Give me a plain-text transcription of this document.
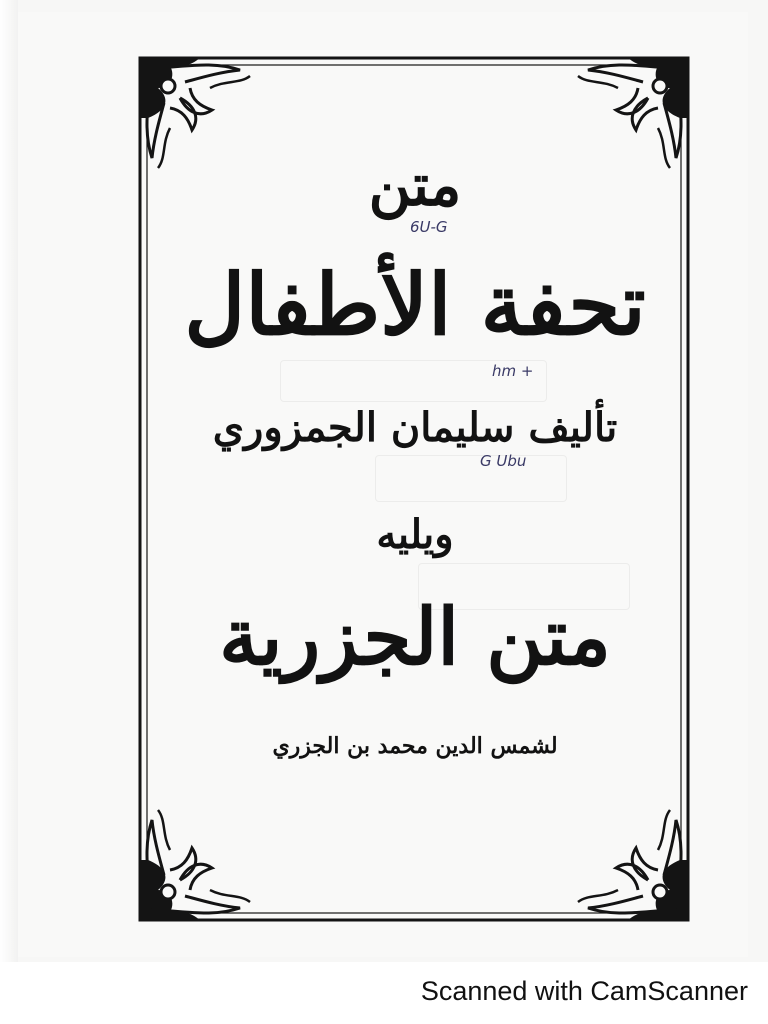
متن
تحفة الأطفال
تأليف سليمان الجمزوري
ويليه
متن الجزرية
لشمس الدين محمد بن الجزري
6U-G
hm +
G Ubu
Scanned with CamScanner
